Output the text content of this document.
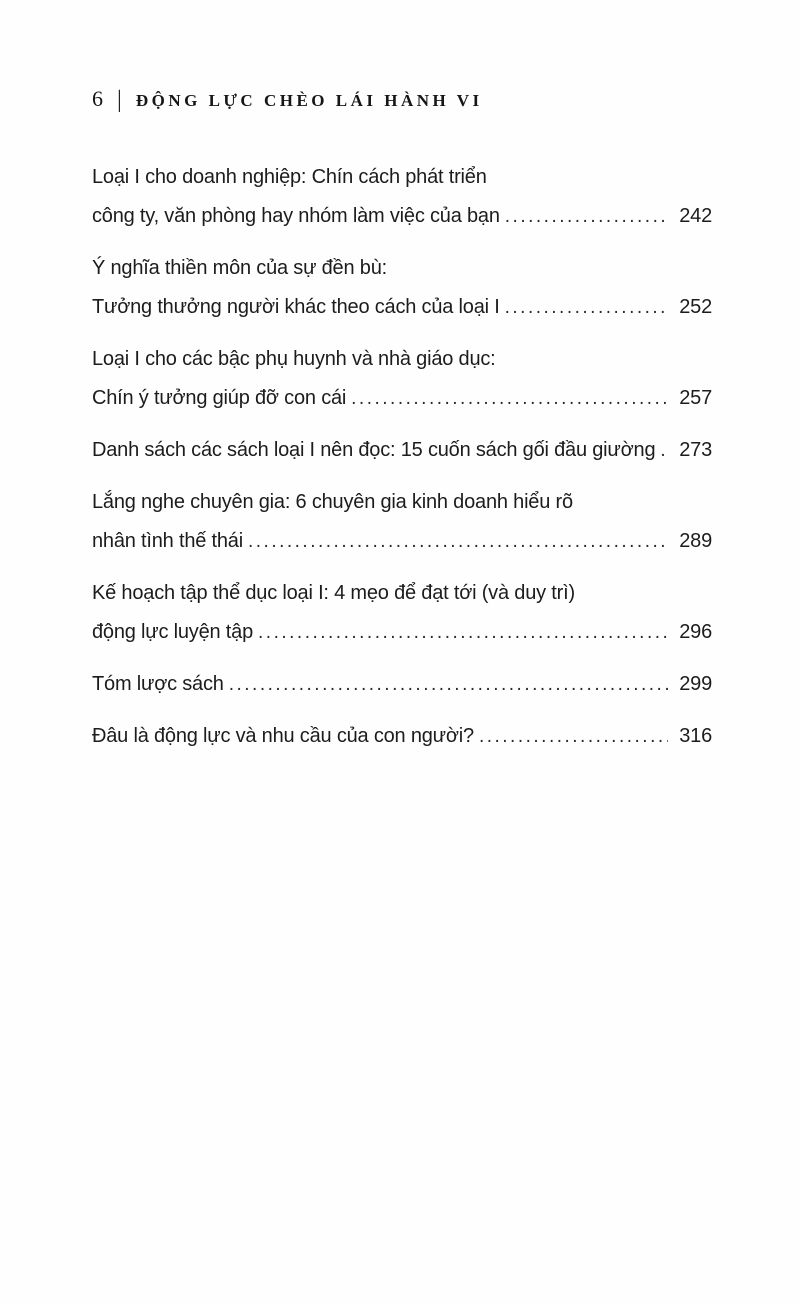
6 | ĐỘNG LỰC CHÈO LÁI HÀNH VI
Loại I cho doanh nghiệp: Chín cách phát triển
công ty, văn phòng hay nhóm làm việc của bạn .....	242
Ý nghĩa thiền môn của sự đền bù:
Tưởng thưởng người khác theo cách của loại I .....	252
Loại I cho các bậc phụ huynh và nhà giáo dục:
Chín ý tưởng giúp đỡ con cái .....	257
Danh sách các sách loại I nên đọc: 15 cuốn sách gối đầu giường ..... 273
Lắng nghe chuyên gia: 6 chuyên gia kinh doanh hiểu rõ
nhân tình thế thái .....	289
Kế hoạch tập thể dục loại I: 4 mẹo để đạt tới (và duy trì)
động lực luyện tập .....	296
Tóm lược sách .....	299
Đâu là động lực và nhu cầu của con người? .....	316
